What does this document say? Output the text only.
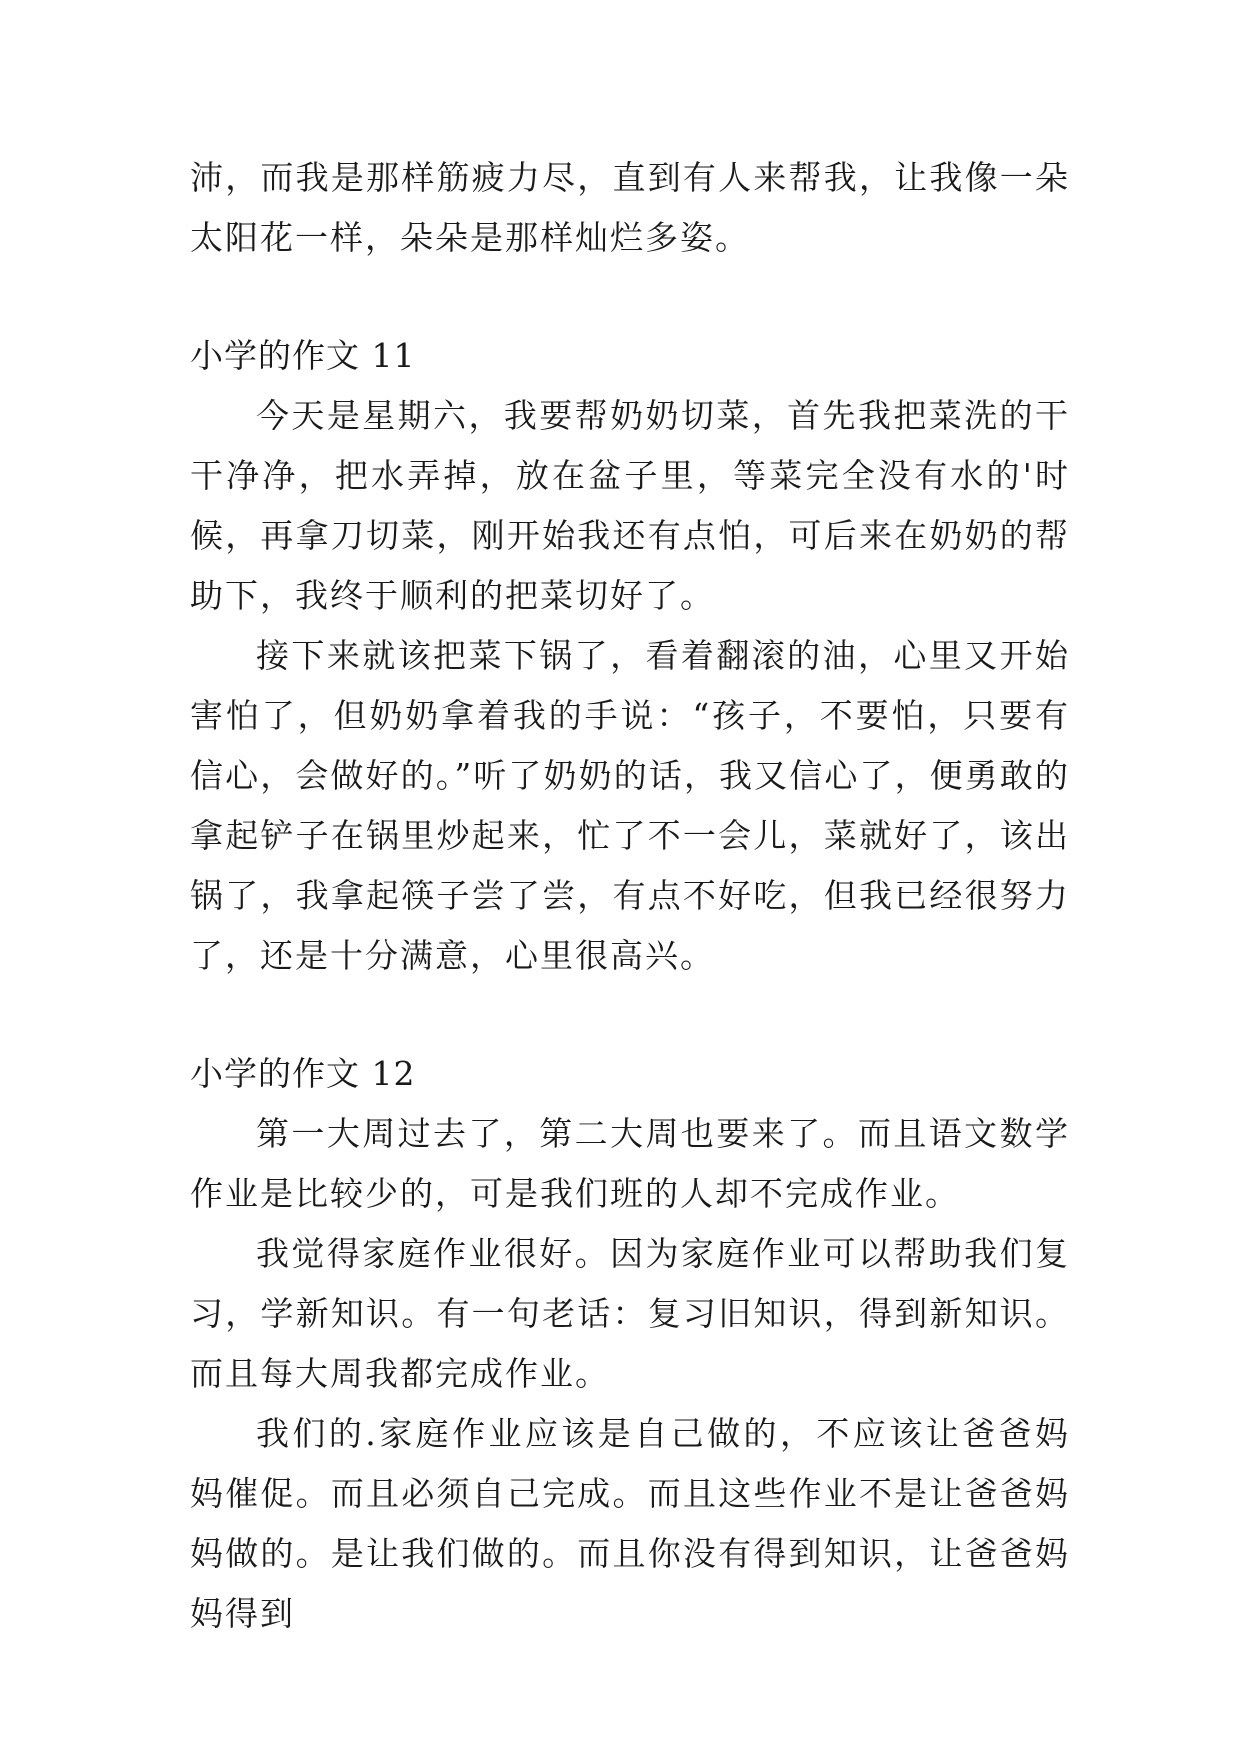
沛，而我是那样筋疲力尽，直到有人来帮我，让我像一朵太阳花一样，朵朵是那样灿烂多姿。

小学的作文 11

今天是星期六，我要帮奶奶切菜，首先我把菜洗的干干净净，把水弄掉，放在盆子里，等菜完全没有水的'时候，再拿刀切菜，刚开始我还有点怕，可后来在奶奶的帮助下，我终于顺利的把菜切好了。

接下来就该把菜下锅了，看着翻滚的油，心里又开始害怕了，但奶奶拿着我的手说：“孩子，不要怕，只要有信心，会做好的。”听了奶奶的话，我又信心了，便勇敢的拿起铲子在锅里炒起来，忙了不一会儿，菜就好了，该出锅了，我拿起筷子尝了尝，有点不好吃，但我已经很努力了，还是十分满意，心里很高兴。

小学的作文 12

第一大周过去了，第二大周也要来了。而且语文数学作业是比较少的，可是我们班的人却不完成作业。

我觉得家庭作业很好。因为家庭作业可以帮助我们复习，学新知识。有一句老话：复习旧知识，得到新知识。而且每大周我都完成作业。

我们的.家庭作业应该是自己做的，不应该让爸爸妈妈催促。而且必须自己完成。而且这些作业不是让爸爸妈妈做的。是让我们做的。而且你没有得到知识，让爸爸妈妈得到
